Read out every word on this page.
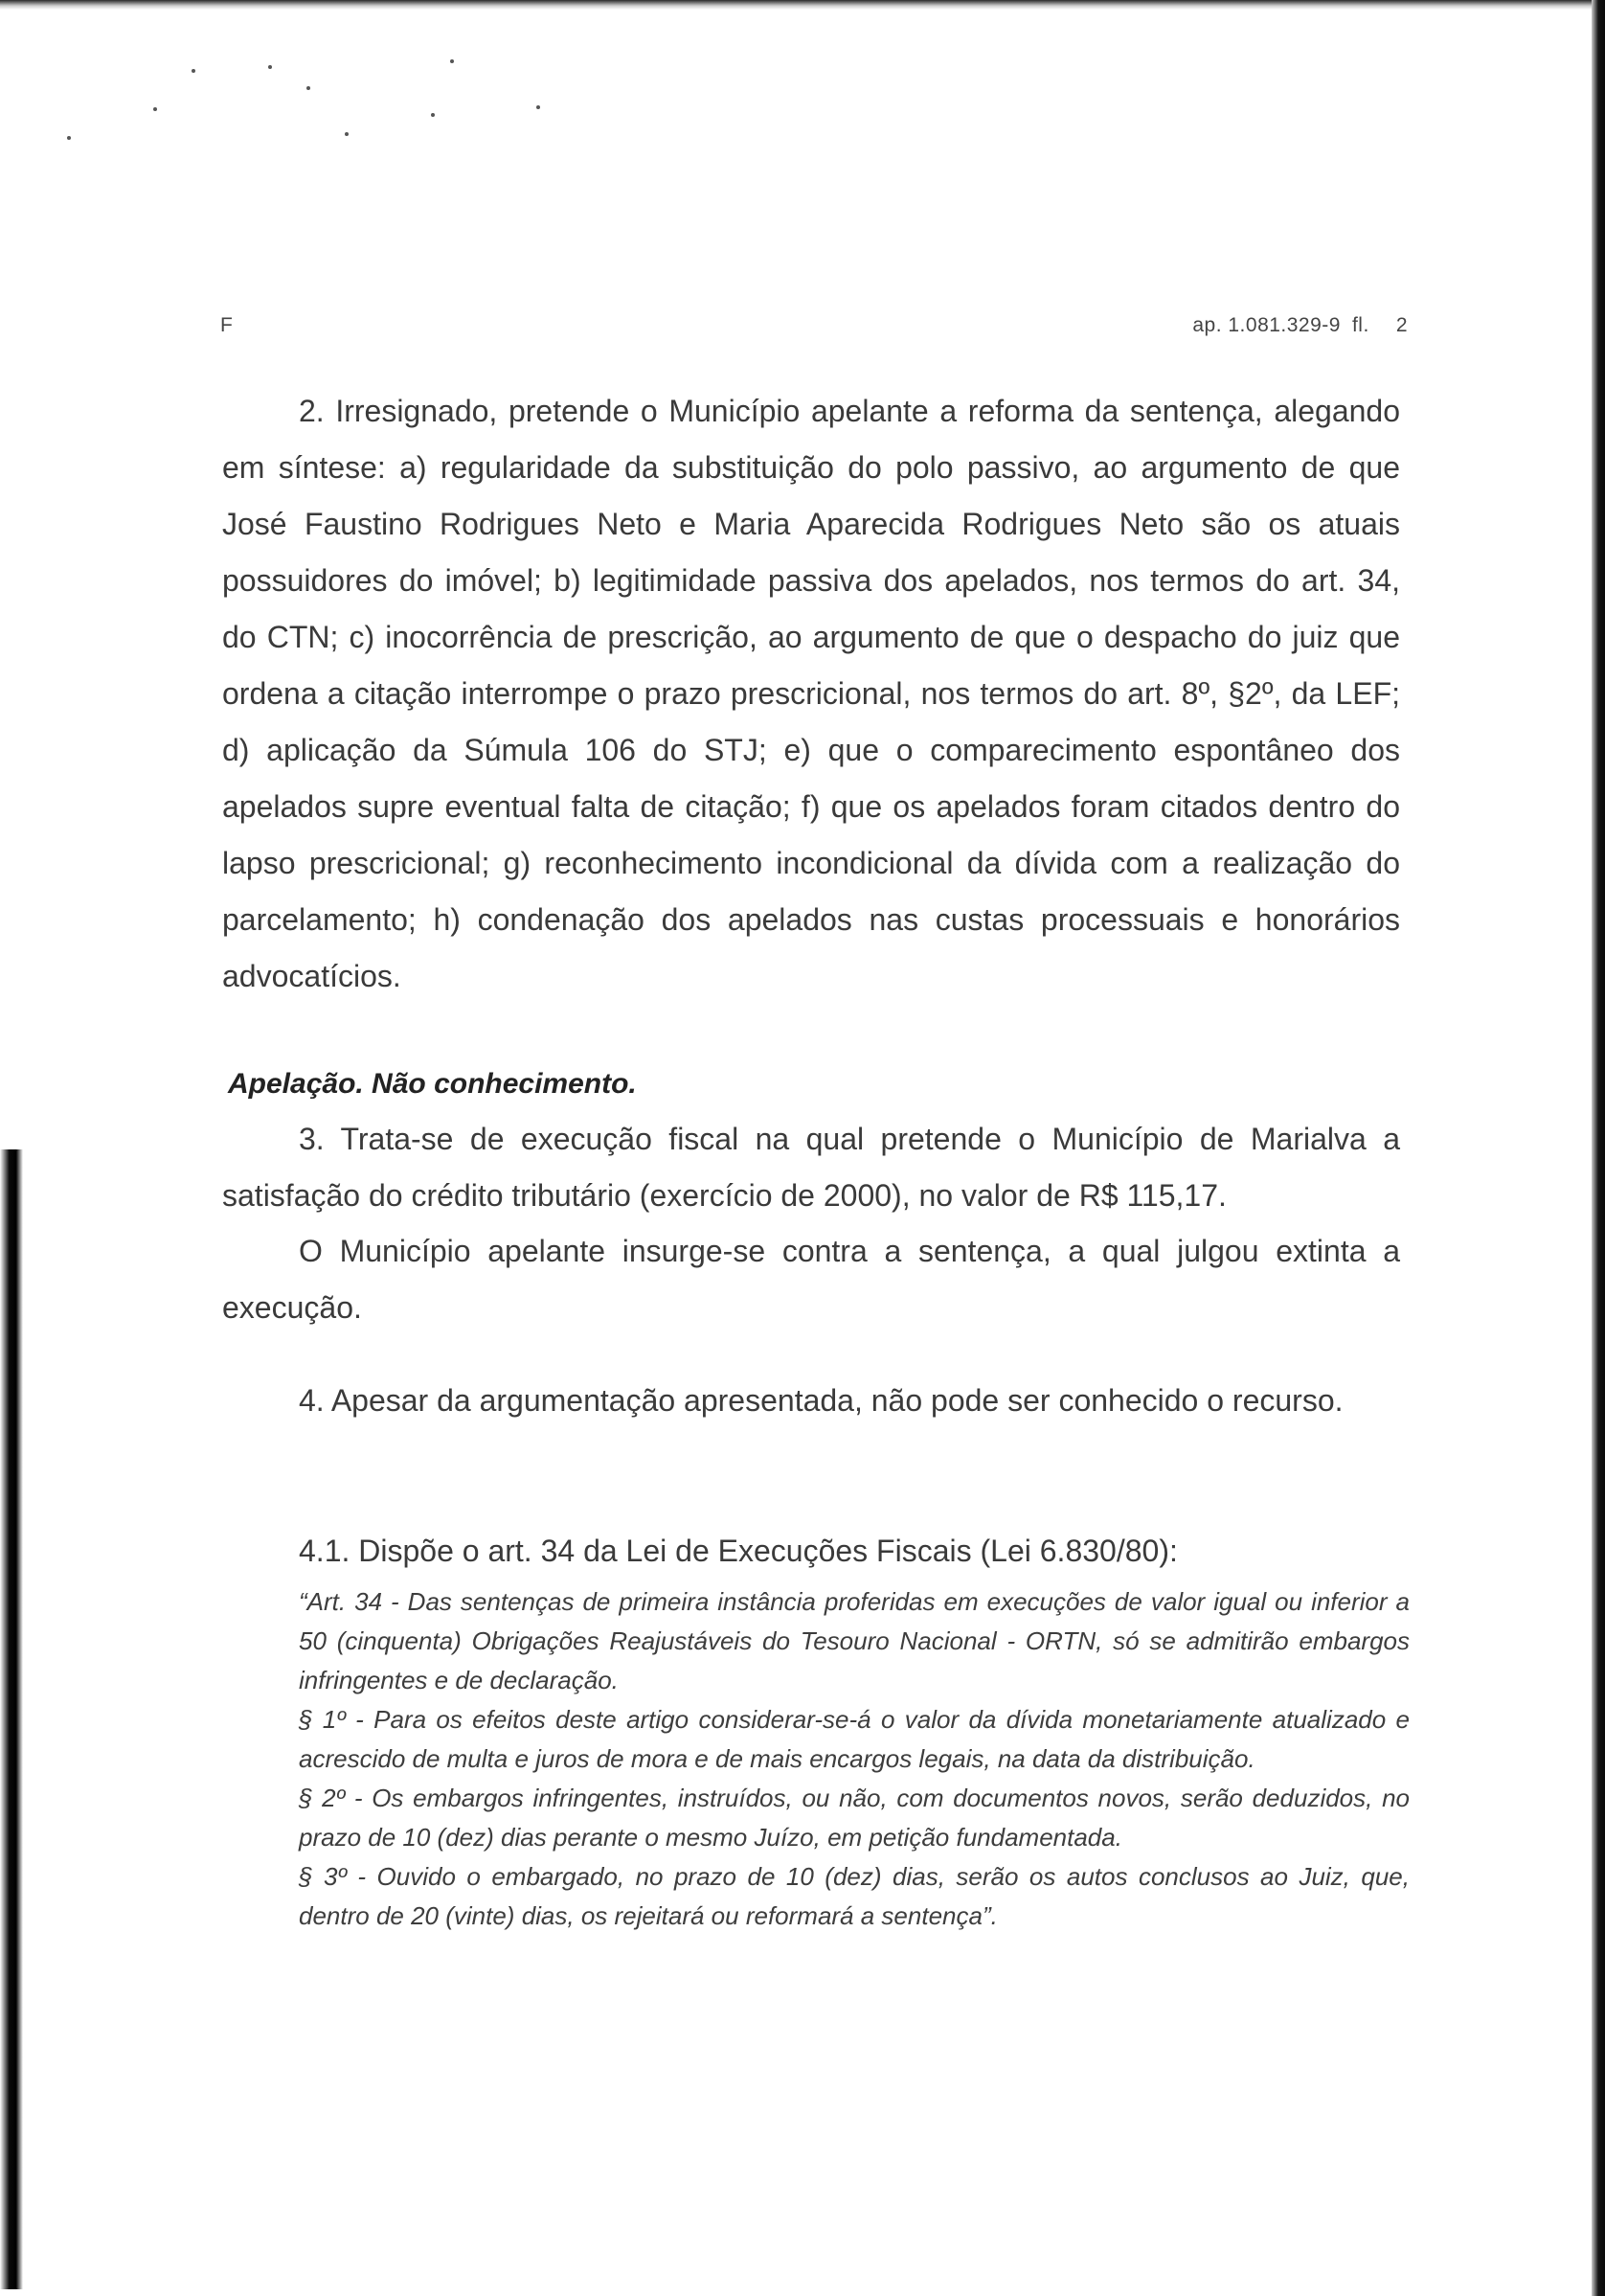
F	ap. 1.081.329-9 fl. 2
2. Irresignado, pretende o Município apelante a reforma da sentença, alegando em síntese: a) regularidade da substituição do polo passivo, ao argumento de que José Faustino Rodrigues Neto e Maria Aparecida Rodrigues Neto são os atuais possuidores do imóvel; b) legitimidade passiva dos apelados, nos termos do art. 34, do CTN; c) inocorrência de prescrição, ao argumento de que o despacho do juiz que ordena a citação interrompe o prazo prescricional, nos termos do art. 8º, §2º, da LEF; d) aplicação da Súmula 106 do STJ; e) que o comparecimento espontâneo dos apelados supre eventual falta de citação; f) que os apelados foram citados dentro do lapso prescricional; g) reconhecimento incondicional da dívida com a realização do parcelamento; h) condenação dos apelados nas custas processuais e honorários advocatícios.
Apelação. Não conhecimento.
3. Trata-se de execução fiscal na qual pretende o Município de Marialva a satisfação do crédito tributário (exercício de 2000), no valor de R$ 115,17.
O Município apelante insurge-se contra a sentença, a qual julgou extinta a execução.
4. Apesar da argumentação apresentada, não pode ser conhecido o recurso.
4.1. Dispõe o art. 34 da Lei de Execuções Fiscais (Lei 6.830/80):

“Art. 34 - Das sentenças de primeira instância proferidas em execuções de valor igual ou inferior a 50 (cinquenta) Obrigações Reajustáveis do Tesouro Nacional - ORTN, só se admitirão embargos infringentes e de declaração.

§ 1º - Para os efeitos deste artigo considerar-se-á o valor da dívida monetariamente atualizado e acrescido de multa e juros de mora e de mais encargos legais, na data da distribuição.

§ 2º - Os embargos infringentes, instruídos, ou não, com documentos novos, serão deduzidos, no prazo de 10 (dez) dias perante o mesmo Juízo, em petição fundamentada.

§ 3º - Ouvido o embargado, no prazo de 10 (dez) dias, serão os autos conclusos ao Juiz, que, dentro de 20 (vinte) dias, os rejeitará ou reformará a sentença”.
